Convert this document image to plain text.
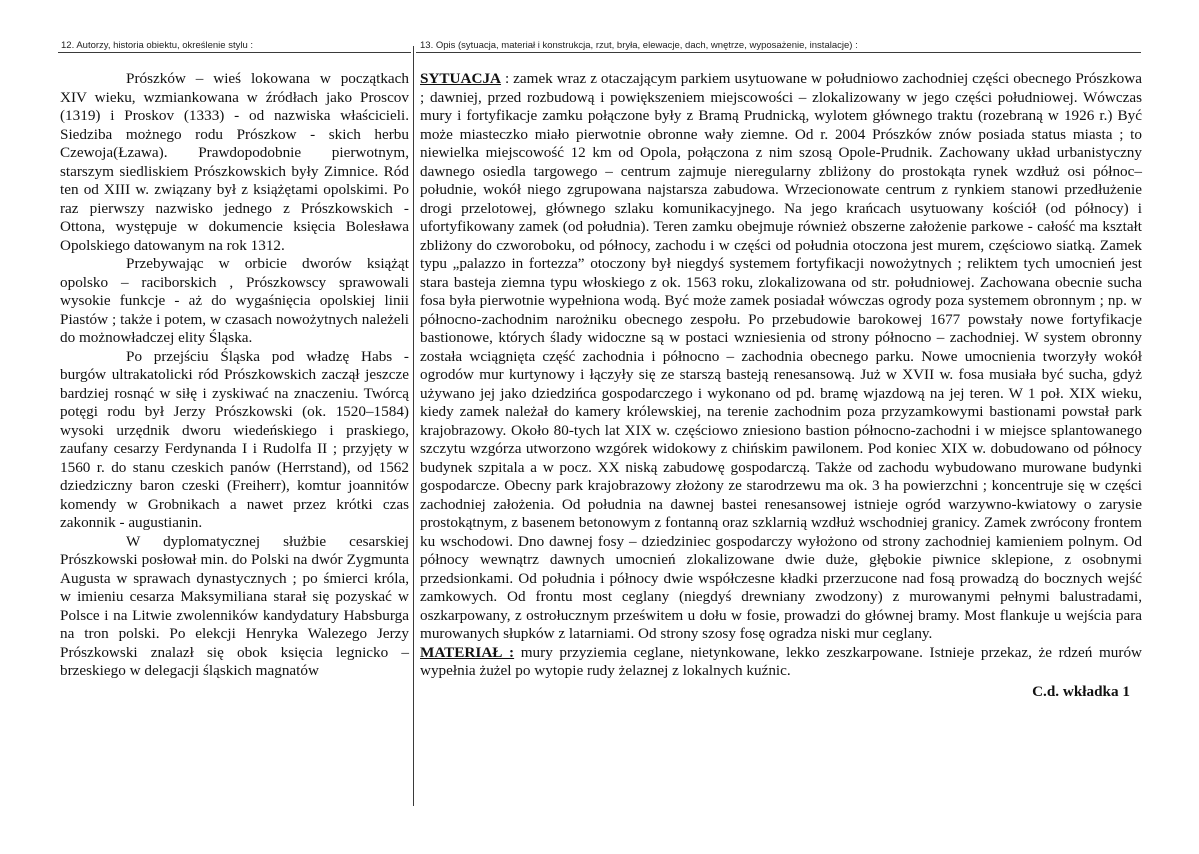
12. Autorzy, historia obiektu, określenie stylu :	13. Opis (sytuacja, materiał i konstrukcja, rzut, bryła, elewacje, dach, wnętrze, wyposażenie, instalacje) :

Prószków – wieś lokowana w początkach XIV wieku, wzmiankowana w źródłach jako Proscov (1319) i Proskov (1333) - od nazwiska właścicieli. Siedziba możnego rodu Prószkow - skich herbu Czewoja(Łzawa). Prawdopodobnie pierwotnym, starszym siedliskiem Prószkowskich były Zimnice. Ród ten od XIII w. związany był z książętami opolskimi. Po raz pierwszy nazwisko jednego z Prószkowskich - Ottona, występuje w dokumencie księcia Bolesława Opolskiego datowanym na rok 1312.

Przebywając w orbicie dworów książąt opolsko – raciborskich , Prószkowscy sprawowali wysokie funkcje - aż do wygaśnięcia opolskiej linii Piastów ; także i potem, w czasach nowożytnych należeli do możnowładczej elity Śląska.

Po przejściu Śląska pod władzę Habs - burgów ultrakatolicki ród Prószkowskich zaczął jeszcze bardziej rosnąć w siłę i zyskiwać na znaczeniu. Twórcą potęgi rodu był Jerzy Prószkowski (ok. 1520–1584) wysoki urzędnik dworu wiedeńskiego i praskiego, zaufany cesarzy Ferdynanda I i Rudolfa II ; przyjęty w 1560 r. do stanu czeskich panów (Herrstand), od 1562 dziedziczny baron czeski (Freiherr), komtur joannitów komendy w Grobnikach a nawet przez krótki czas zakonnik - augustianin.

W dyplomatycznej służbie cesarskiej Prószkowski posłował min. do Polski na dwór Zygmunta Augusta w sprawach dynastycznych ; po śmierci króla, w imieniu cesarza Maksymiliana starał się pozyskać w Polsce i na Litwie zwolenników kandydatury Habsburga na tron polski. Po elekcji Henryka Walezego Jerzy Prószkowski znalazł się obok księcia legnicko – brzeskiego w delegacji śląskich magnatów

SYTUACJA : zamek wraz z otaczającym parkiem usytuowane w południowo zachodniej części obecnego Prószkowa ; dawniej, przed rozbudową i powiększeniem miejscowości – zlokalizowany w jego części południowej. Wówczas mury i fortyfikacje zamku połączone były z Bramą Prudnicką, wylotem głównego traktu (rozebraną w 1926 r.) Być może miasteczko miało pierwotnie obronne wały ziemne. Od r. 2004 Prószków znów posiada status miasta ; to niewielka miejscowość 12 km od Opola, połączona z nim szosą Opole-Prudnik. Zachowany układ urbanistyczny dawnego osiedla targowego – centrum zajmuje nieregularny zbliżony do prostokąta rynek wzdłuż osi północ–południe, wokół niego zgrupowana najstarsza zabudowa. Wrzecionowate centrum z rynkiem stanowi przedłużenie drogi przelotowej, głównego szlaku komunikacyjnego. Na jego krańcach usytuowany kościół (od północy) i ufortyfikowany zamek (od południa). Teren zamku obejmuje również obszerne założenie parkowe - całość ma kształt zbliżony do czworoboku, od północy, zachodu i w części od południa otoczona jest murem, częściowo siatką. Zamek typu „palazzo in fortezza” otoczony był niegdyś systemem fortyfikacji nowożytnych ; reliktem tych umocnień jest stara basteja ziemna typu włoskiego z ok. 1563 roku, zlokalizowana od str. południowej. Zachowana obecnie sucha fosa była pierwotnie wypełniona wodą. Być może zamek posiadał wówczas ogrody poza systemem obronnym ; np. w północno-zachodnim narożniku obecnego zespołu. Po przebudowie barokowej 1677 powstały nowe fortyfikacje bastionowe, których ślady widoczne są w postaci wzniesienia od strony północno – zachodniej. W system obronny została wciągnięta część zachodnia i północno – zachodnia obecnego parku. Nowe umocnienia tworzyły wokół ogrodów mur kurtynowy i łączyły się ze starszą basteją renesansową. Już w XVII w. fosa musiała być sucha, gdyż używano jej jako dziedzińca gospodarczego i wykonano od pd. bramę wjazdową na jej teren. W 1 poł. XIX wieku, kiedy zamek należał do kamery królewskiej, na terenie zachodnim poza przyzamkowymi bastionami powstał park krajobrazowy. Około 80-tych lat XIX w. częściowo zniesiono bastion północno-zachodni i w miejsce splantowanego szczytu wzgórza utworzono wzgórek widokowy z chińskim pawilonem. Pod koniec XIX w. dobudowano od północy budynek szpitala a w pocz. XX niską zabudowę gospodarczą. Także od zachodu wybudowano murowane budynki gospodarcze. Obecny park krajobrazowy złożony ze starodrzewu ma ok. 3 ha powierzchni ; koncentruje się w części zachodniej założenia. Od południa na dawnej bastei renesansowej istnieje ogród warzywno-kwiatowy o zarysie prostokątnym, z basenem betonowym z fontanną oraz szklarnią wzdłuż wschodniej granicy. Zamek zwrócony frontem ku wschodowi. Dno dawnej fosy – dziedziniec gospodarczy wyłożono od strony zachodniej kamieniem polnym. Od północy wewnątrz dawnych umocnień zlokalizowane dwie duże, głębokie piwnice sklepione, z osobnymi przedsionkami. Od południa i północy dwie współczesne kładki przerzucone nad fosą prowadzą do bocznych wejść zamkowych. Od frontu most ceglany (niegdyś drewniany zwodzony) z murowanymi pełnymi balustradami, oszkarpowany, z ostrołucznym prześwitem u dołu w fosie, prowadzi do głównej bramy. Most flankuje u wejścia para murowanych słupków z latarniami. Od strony szosy fosę ogradza niski mur ceglany.

MATERIAŁ : mury przyziemia ceglane, nietynkowane, lekko zeszkarpowane. Istnieje przekaz, że rdzeń murów wypełnia żużel po wytopie rudy żelaznej z lokalnych kuźnic.

C.d. wkładka 1
